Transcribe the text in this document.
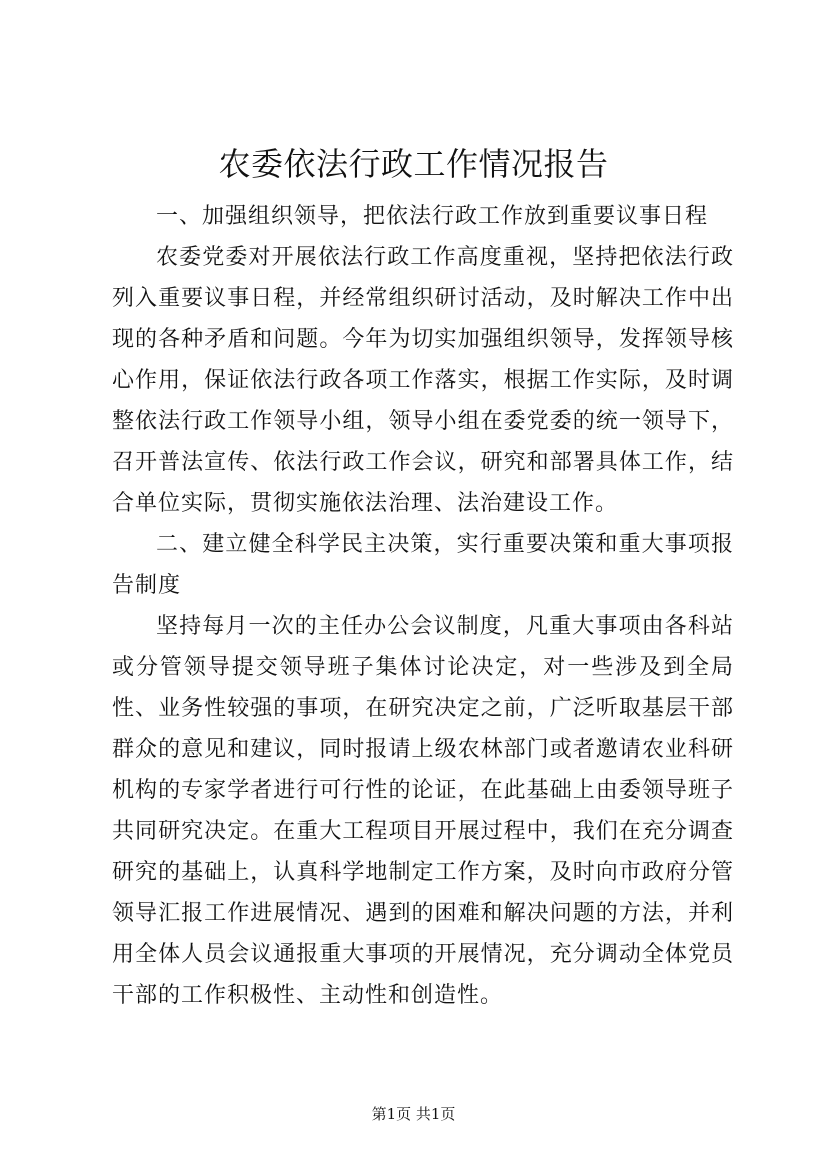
农委依法行政工作情况报告

一、加强组织领导，把依法行政工作放到重要议事日程

农委党委对开展依法行政工作高度重视，坚持把依法行政列入重要议事日程，并经常组织研讨活动，及时解决工作中出现的各种矛盾和问题。今年为切实加强组织领导，发挥领导核心作用，保证依法行政各项工作落实，根据工作实际，及时调整依法行政工作领导小组，领导小组在委党委的统一领导下，召开普法宣传、依法行政工作会议，研究和部署具体工作，结合单位实际，贯彻实施依法治理、法治建设工作。

二、建立健全科学民主决策，实行重要决策和重大事项报告制度

坚持每月一次的主任办公会议制度，凡重大事项由各科站或分管领导提交领导班子集体讨论决定，对一些涉及到全局性、业务性较强的事项，在研究决定之前，广泛听取基层干部群众的意见和建议，同时报请上级农林部门或者邀请农业科研机构的专家学者进行可行性的论证，在此基础上由委领导班子共同研究决定。在重大工程项目开展过程中，我们在充分调查研究的基础上，认真科学地制定工作方案，及时向市政府分管领导汇报工作进展情况、遇到的困难和解决问题的方法，并利用全体人员会议通报重大事项的开展情况，充分调动全体党员干部的工作积极性、主动性和创造性。

第1页 共1页
